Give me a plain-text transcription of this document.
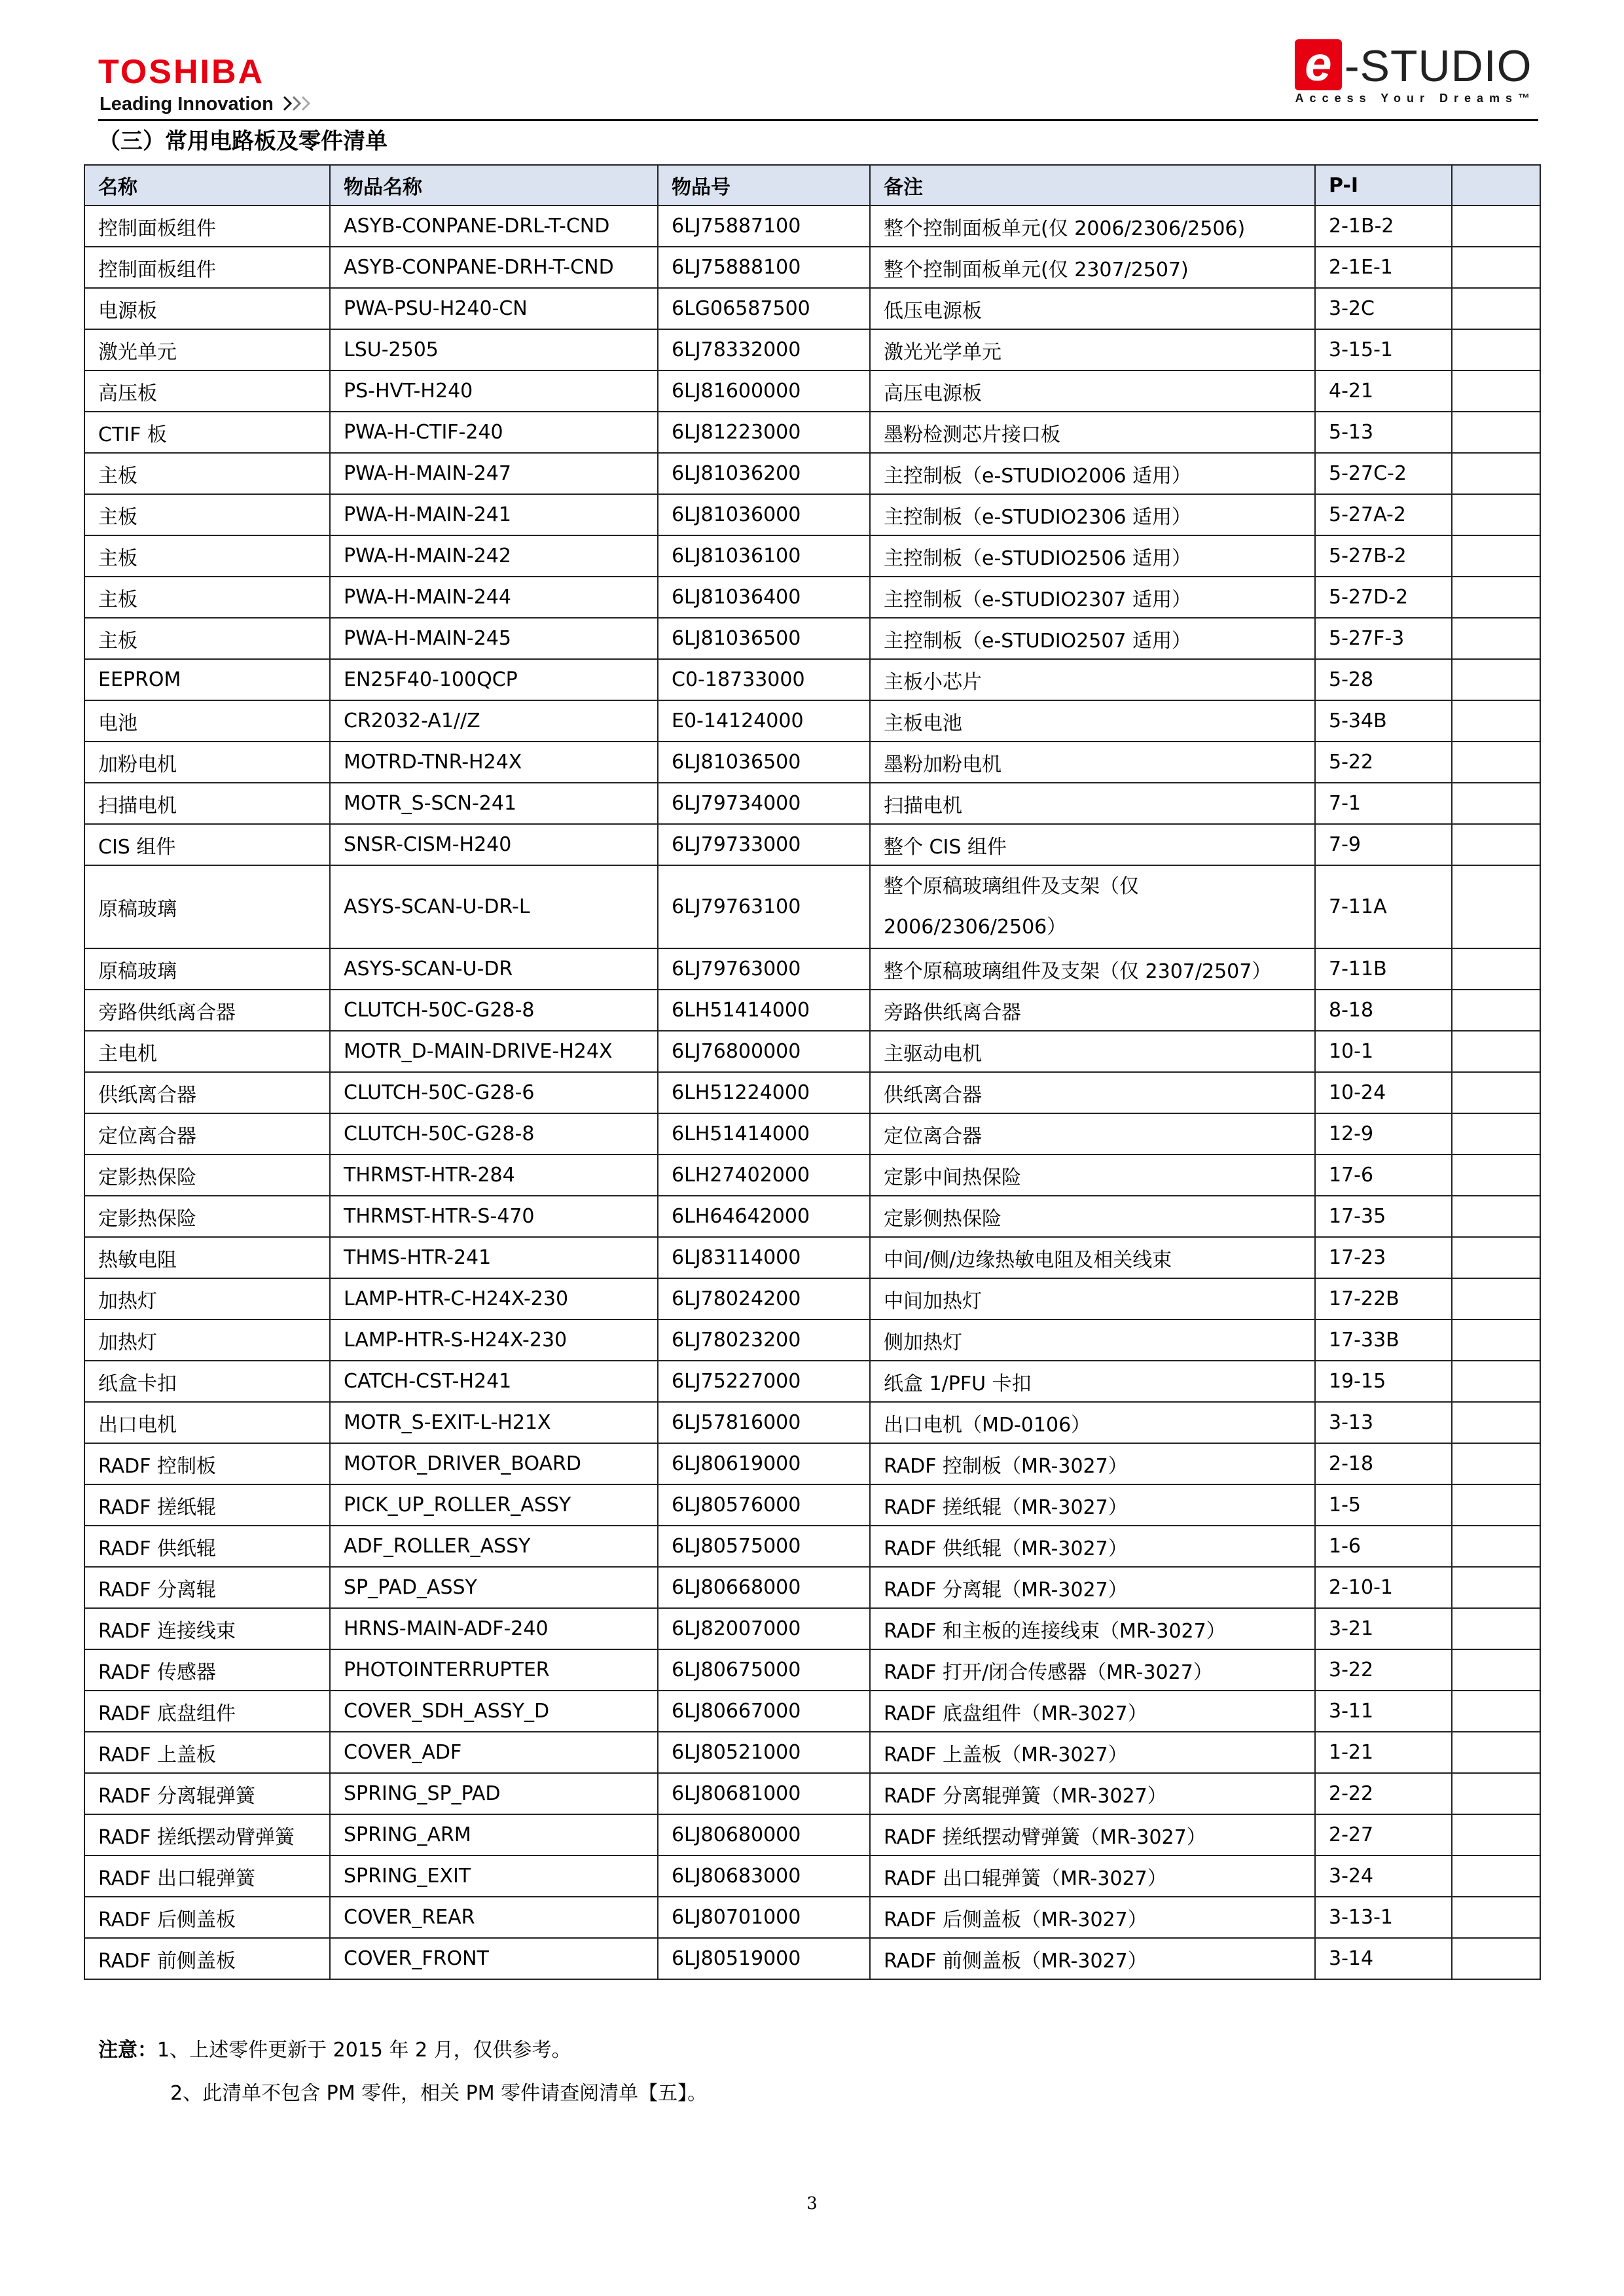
TOSHIBA
Leading Innovation
e -STUDIO
Access Your Dreams™
（三）常用电路板及零件清单
名称	物品名称	物品号	备注	P-I	
控制面板组件	ASYB-CONPANE-DRL-T-CND	6LJ75887100	整个控制面板单元(仅 2006/2306/2506)	2-1B-2	
控制面板组件	ASYB-CONPANE-DRH-T-CND	6LJ75888100	整个控制面板单元(仅 2307/2507)	2-1E-1	
电源板	PWA-PSU-H240-CN	6LG06587500	低压电源板	3-2C	
激光单元	LSU-2505	6LJ78332000	激光光学单元	3-15-1	
高压板	PS-HVT-H240	6LJ81600000	高压电源板	4-21	
CTIF 板	PWA-H-CTIF-240	6LJ81223000	墨粉检测芯片接口板	5-13	
主板	PWA-H-MAIN-247	6LJ81036200	主控制板（e-STUDIO2006 适用）	5-27C-2	
主板	PWA-H-MAIN-241	6LJ81036000	主控制板（e-STUDIO2306 适用）	5-27A-2	
主板	PWA-H-MAIN-242	6LJ81036100	主控制板（e-STUDIO2506 适用）	5-27B-2	
主板	PWA-H-MAIN-244	6LJ81036400	主控制板（e-STUDIO2307 适用）	5-27D-2	
主板	PWA-H-MAIN-245	6LJ81036500	主控制板（e-STUDIO2507 适用）	5-27F-3	
EEPROM	EN25F40-100QCP	C0-18733000	主板小芯片	5-28	
电池	CR2032-A1//Z	E0-14124000	主板电池	5-34B	
加粉电机	MOTRD-TNR-H24X	6LJ81036500	墨粉加粉电机	5-22	
扫描电机	MOTR_S-SCN-241	6LJ79734000	扫描电机	7-1	
CIS 组件	SNSR-CISM-H240	6LJ79733000	整个 CIS 组件	7-9	
原稿玻璃	ASYS-SCAN-U-DR-L	6LJ79763100	整个原稿玻璃组件及支架（仅 2006/2306/2506）	7-11A	
原稿玻璃	ASYS-SCAN-U-DR	6LJ79763000	整个原稿玻璃组件及支架（仅 2307/2507）	7-11B	
旁路供纸离合器	CLUTCH-50C-G28-8	6LH51414000	旁路供纸离合器	8-18	
主电机	MOTR_D-MAIN-DRIVE-H24X	6LJ76800000	主驱动电机	10-1	
供纸离合器	CLUTCH-50C-G28-6	6LH51224000	供纸离合器	10-24	
定位离合器	CLUTCH-50C-G28-8	6LH51414000	定位离合器	12-9	
定影热保险	THRMST-HTR-284	6LH27402000	定影中间热保险	17-6	
定影热保险	THRMST-HTR-S-470	6LH64642000	定影侧热保险	17-35	
热敏电阻	THMS-HTR-241	6LJ83114000	中间/侧/边缘热敏电阻及相关线束	17-23	
加热灯	LAMP-HTR-C-H24X-230	6LJ78024200	中间加热灯	17-22B	
加热灯	LAMP-HTR-S-H24X-230	6LJ78023200	侧加热灯	17-33B	
纸盒卡扣	CATCH-CST-H241	6LJ75227000	纸盒 1/PFU 卡扣	19-15	
出口电机	MOTR_S-EXIT-L-H21X	6LJ57816000	出口电机（MD-0106）	3-13	
RADF 控制板	MOTOR_DRIVER_BOARD	6LJ80619000	RADF 控制板（MR-3027）	2-18	
RADF 搓纸辊	PICK_UP_ROLLER_ASSY	6LJ80576000	RADF 搓纸辊（MR-3027）	1-5	
RADF 供纸辊	ADF_ROLLER_ASSY	6LJ80575000	RADF 供纸辊（MR-3027）	1-6	
RADF 分离辊	SP_PAD_ASSY	6LJ80668000	RADF 分离辊（MR-3027）	2-10-1	
RADF 连接线束	HRNS-MAIN-ADF-240	6LJ82007000	RADF 和主板的连接线束（MR-3027）	3-21	
RADF 传感器	PHOTOINTERRUPTER	6LJ80675000	RADF 打开/闭合传感器（MR-3027）	3-22	
RADF 底盘组件	COVER_SDH_ASSY_D	6LJ80667000	RADF 底盘组件（MR-3027）	3-11	
RADF 上盖板	COVER_ADF	6LJ80521000	RADF 上盖板（MR-3027）	1-21	
RADF 分离辊弹簧	SPRING_SP_PAD	6LJ80681000	RADF 分离辊弹簧（MR-3027）	2-22	
RADF 搓纸摆动臂弹簧	SPRING_ARM	6LJ80680000	RADF 搓纸摆动臂弹簧（MR-3027）	2-27	
RADF 出口辊弹簧	SPRING_EXIT	6LJ80683000	RADF 出口辊弹簧（MR-3027）	3-24	
RADF 后侧盖板	COVER_REAR	6LJ80701000	RADF 后侧盖板（MR-3027）	3-13-1	
RADF 前侧盖板	COVER_FRONT	6LJ80519000	RADF 前侧盖板（MR-3027）	3-14	
注意：1、上述零件更新于 2015 年 2 月，仅供参考。
2、此清单不包含 PM 零件，相关 PM 零件请查阅清单【五】。
3
